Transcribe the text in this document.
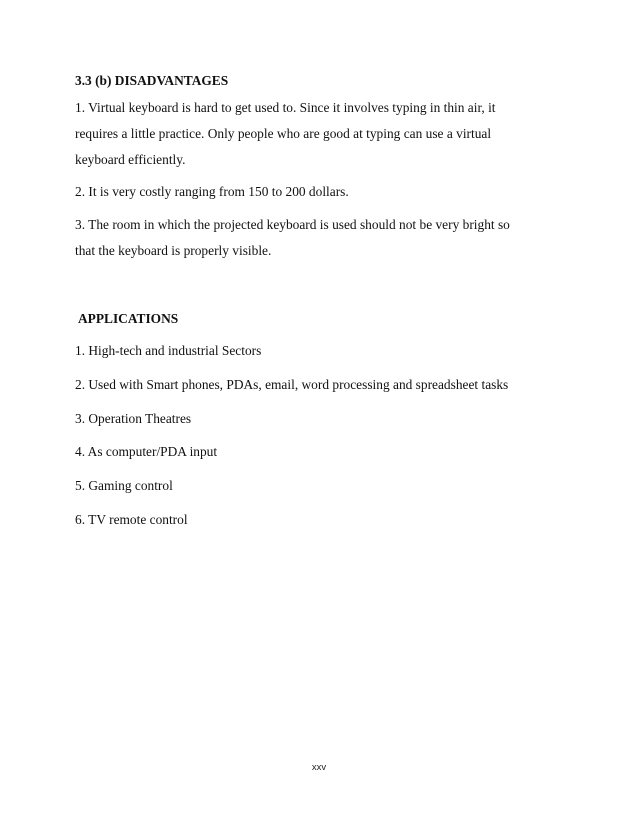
3.3 (b) DISADVANTAGES
1. Virtual keyboard is hard to get used to. Since it involves typing in thin air, it
requires a little practice. Only people who are good at typing can use a virtual
keyboard efficiently.
2. It is very costly ranging from 150 to 200 dollars.
3. The room in which the projected keyboard is used should not be very bright so
that the keyboard is properly visible.
APPLICATIONS
1. High-tech and industrial Sectors
2. Used with Smart phones, PDAs, email, word processing and spreadsheet tasks
3. Operation Theatres
4. As computer/PDA input
5. Gaming control
6. TV remote control
xxv
